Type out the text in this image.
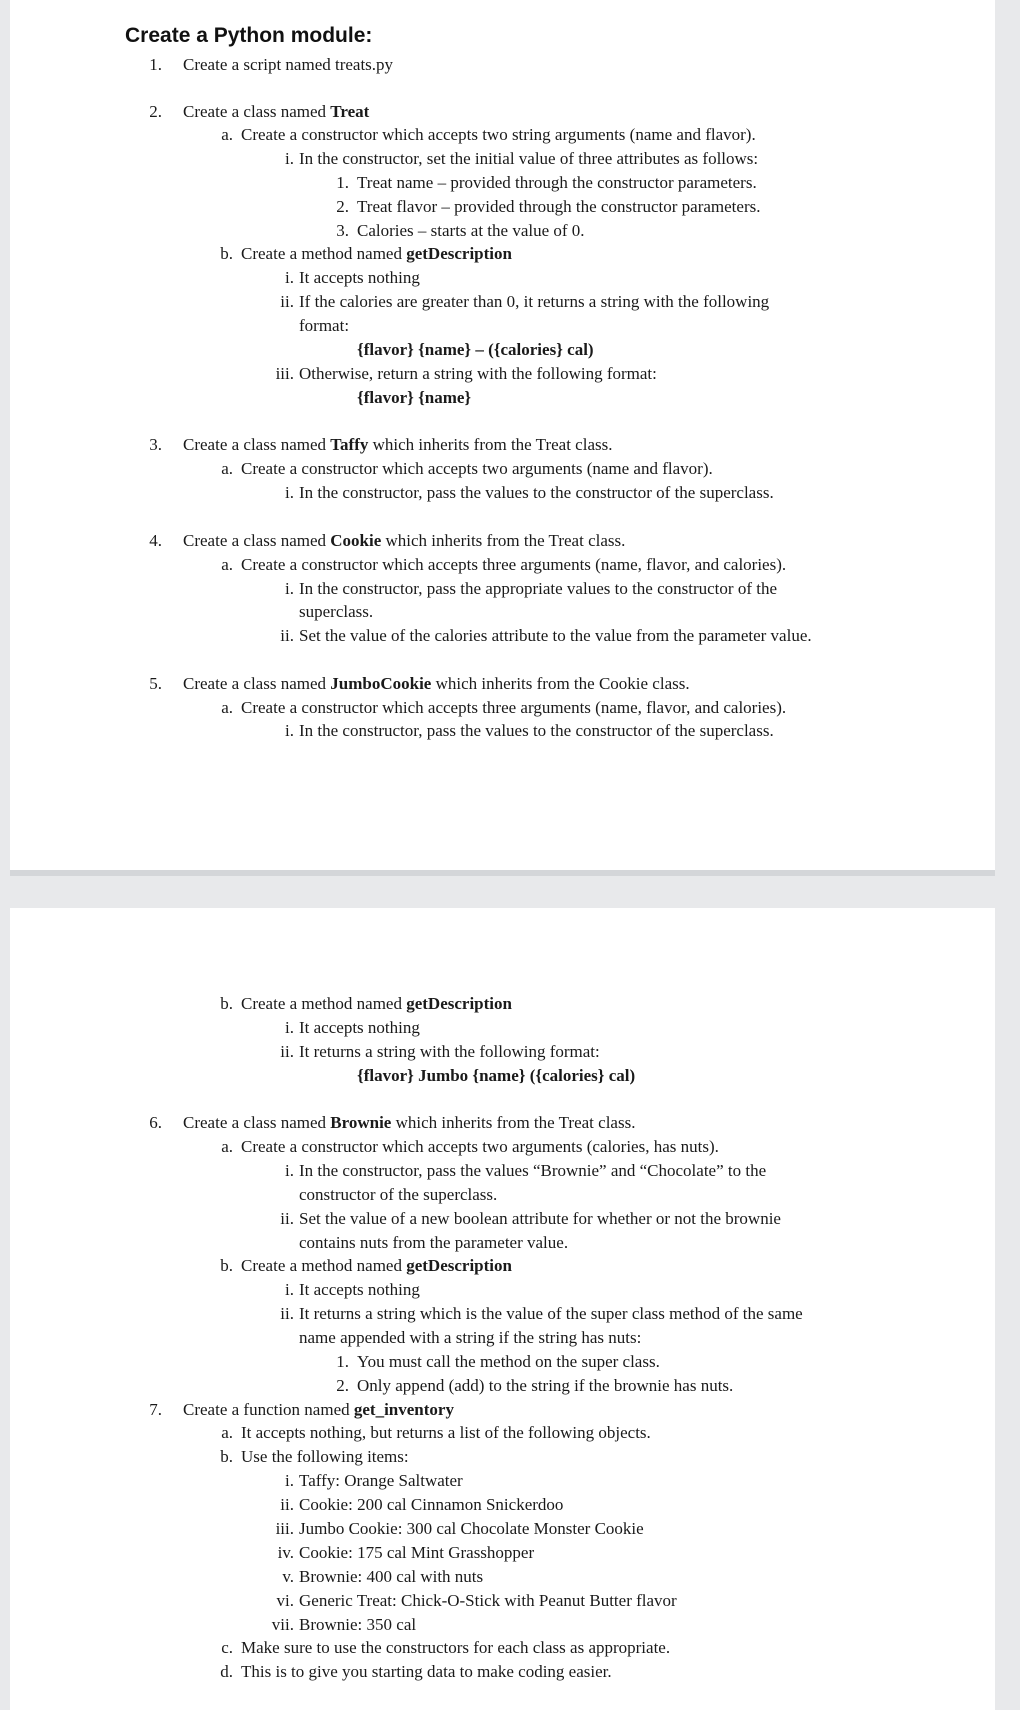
Create a Python module:
1. Create a script named treats.py
2. Create a class named Treat
a. Create a constructor which accepts two string arguments (name and flavor).
i. In the constructor, set the initial value of three attributes as follows:
1. Treat name – provided through the constructor parameters.
2. Treat flavor – provided through the constructor parameters.
3. Calories – starts at the value of 0.
b. Create a method named getDescription
i. It accepts nothing
ii. If the calories are greater than 0, it returns a string with the following
format:
{flavor} {name} – ({calories} cal)
iii. Otherwise, return a string with the following format:
{flavor} {name}
3. Create a class named Taffy which inherits from the Treat class.
a. Create a constructor which accepts two arguments (name and flavor).
i. In the constructor, pass the values to the constructor of the superclass.
4. Create a class named Cookie which inherits from the Treat class.
a. Create a constructor which accepts three arguments (name, flavor, and calories).
i. In the constructor, pass the appropriate values to the constructor of the
superclass.
ii. Set the value of the calories attribute to the value from the parameter value.
5. Create a class named JumboCookie which inherits from the Cookie class.
a. Create a constructor which accepts three arguments (name, flavor, and calories).
i. In the constructor, pass the values to the constructor of the superclass.
b. Create a method named getDescription
i. It accepts nothing
ii. It returns a string with the following format:
{flavor} Jumbo {name} ({calories} cal)
6. Create a class named Brownie which inherits from the Treat class.
a. Create a constructor which accepts two arguments (calories, has nuts).
i. In the constructor, pass the values “Brownie” and “Chocolate” to the
constructor of the superclass.
ii. Set the value of a new boolean attribute for whether or not the brownie
contains nuts from the parameter value.
b. Create a method named getDescription
i. It accepts nothing
ii. It returns a string which is the value of the super class method of the same
name appended with a string if the string has nuts:
1. You must call the method on the super class.
2. Only append (add) to the string if the brownie has nuts.
7. Create a function named get_inventory
a. It accepts nothing, but returns a list of the following objects.
b. Use the following items:
i. Taffy: Orange Saltwater
ii. Cookie: 200 cal Cinnamon Snickerdoo
iii. Jumbo Cookie: 300 cal Chocolate Monster Cookie
iv. Cookie: 175 cal Mint Grasshopper
v. Brownie: 400 cal with nuts
vi. Generic Treat: Chick-O-Stick with Peanut Butter flavor
vii. Brownie: 350 cal
c. Make sure to use the constructors for each class as appropriate.
d. This is to give you starting data to make coding easier.
